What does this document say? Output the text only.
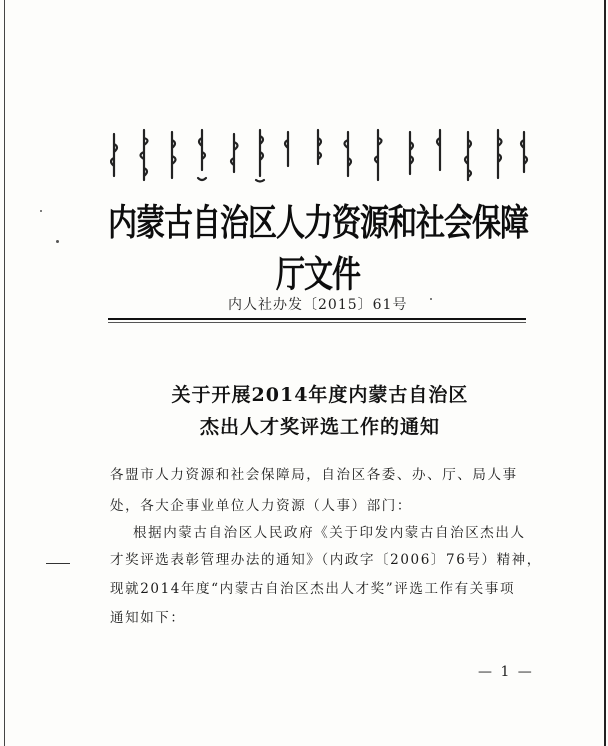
内蒙古自治区人力资源和社会保障厅文件
内人社办发〔2015〕61号
关于开展2014年度内蒙古自治区
杰出人才奖评选工作的通知
各盟市人力资源和社会保障局，自治区各委、办、厅、局人事
处，各大企事业单位人力资源（人事）部门：
根据内蒙古自治区人民政府《关于印发内蒙古自治区杰出人
才奖评选表彰管理办法的通知》（内政字〔2006〕76号）精神，
现就2014年度“内蒙古自治区杰出人才奖”评选工作有关事项
通知如下：
— 1 —
